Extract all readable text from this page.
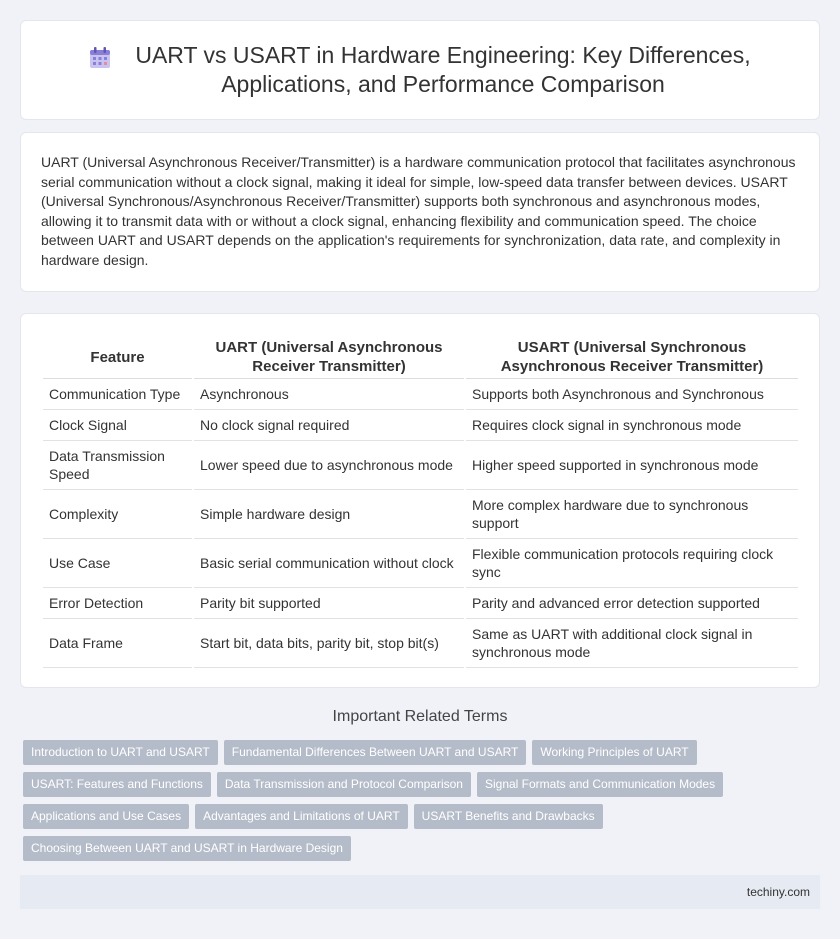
UART vs USART in Hardware Engineering: Key Differences, Applications, and Performance Comparison

UART (Universal Asynchronous Receiver/Transmitter) is a hardware communication protocol that facilitates asynchronous serial communication without a clock signal, making it ideal for simple, low-speed data transfer between devices. USART (Universal Synchronous/Asynchronous Receiver/Transmitter) supports both synchronous and asynchronous modes, allowing it to transmit data with or without a clock signal, enhancing flexibility and communication speed. The choice between UART and USART depends on the application's requirements for synchronization, data rate, and complexity in hardware design.

Feature	UART (Universal Asynchronous Receiver Transmitter)	USART (Universal Synchronous Asynchronous Receiver Transmitter)
Communication Type	Asynchronous	Supports both Asynchronous and Synchronous
Clock Signal	No clock signal required	Requires clock signal in synchronous mode
Data Transmission Speed	Lower speed due to asynchronous mode	Higher speed supported in synchronous mode
Complexity	Simple hardware design	More complex hardware due to synchronous support
Use Case	Basic serial communication without clock	Flexible communication protocols requiring clock sync
Error Detection	Parity bit supported	Parity and advanced error detection supported
Data Frame	Start bit, data bits, parity bit, stop bit(s)	Same as UART with additional clock signal in synchronous mode
Important Related Terms
Introduction to UART and USART	Fundamental Differences Between UART and USART	Working Principles of UART
USART: Features and Functions	Data Transmission and Protocol Comparison	Signal Formats and Communication Modes
Applications and Use Cases	Advantages and Limitations of UART	USART Benefits and Drawbacks
Choosing Between UART and USART in Hardware Design
techiny.com
